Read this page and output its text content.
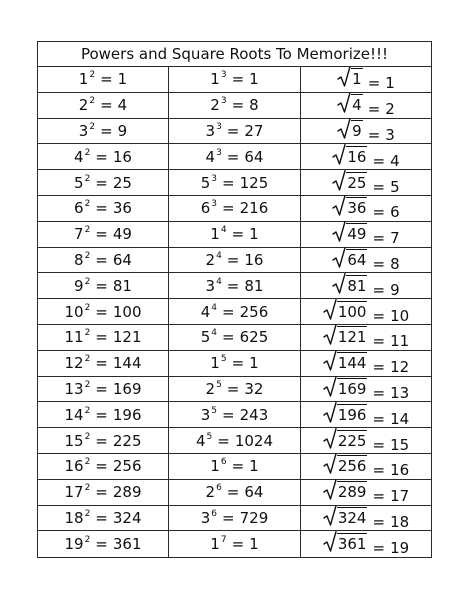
Powers and Square Roots To Memorize!!!
1 2 = 1	1 3 = 1	1 = 1
2 2 = 4	2 3 = 8	4 = 2
3 2 = 9	3 3 = 27	9 = 3
4 2 = 16	4 3 = 64	16 = 4
5 2 = 25	5 3 = 125	25 = 5
6 2 = 36	6 3 = 216	36 = 6
7 2 = 49	1 4 = 1	49 = 7
8 2 = 64	2 4 = 16	64 = 8
9 2 = 81	3 4 = 81	81 = 9
10 2 = 100	4 4 = 256	100 = 10
11 2 = 121	5 4 = 625	121 = 11
12 2 = 144	1 5 = 1	144 = 12
13 2 = 169	2 5 = 32	169 = 13
14 2 = 196	3 5 = 243	196 = 14
15 2 = 225	4 5 = 1024	225 = 15
16 2 = 256	1 6 = 1	256 = 16
17 2 = 289	2 6 = 64	289 = 17
18 2 = 324	3 6 = 729	324 = 18
19 2 = 361	1 7 = 1	361 = 19
